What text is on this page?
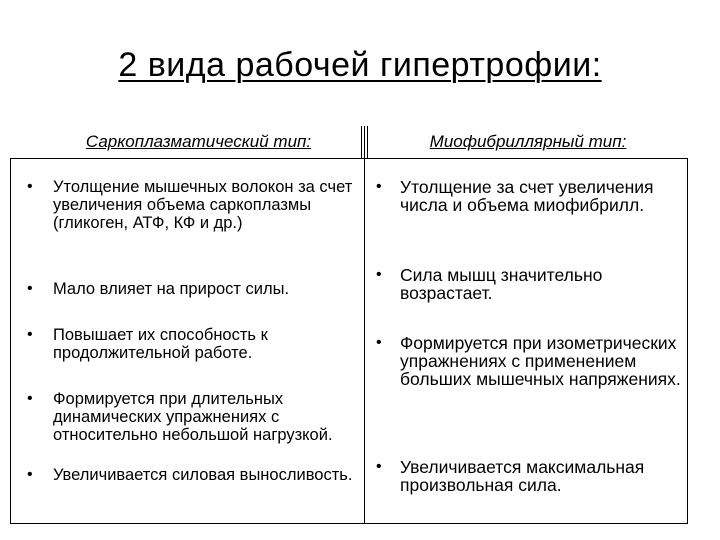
2 вида рабочей гипертрофии:
Саркоплазматический тип:	Миофибриллярный тип:
• Утолщение мышечных волокон за счет увеличения объема саркоплазмы (гликоген, АТФ, КФ и др.)
• Мало влияет на прирост силы.
• Повышает их способность к продолжительной работе.
• Формируется при длительных динамических упражнениях с относительно небольшой нагрузкой.
• Увеличивается силовая выносливость.
• Утолщение за счет увеличения числа и объема миофибрилл.
• Сила мышц значительно возрастает.
• Формируется при изометрических упражнениях с применением больших мышечных напряжениях.
• Увеличивается максимальная произвольная сила.
